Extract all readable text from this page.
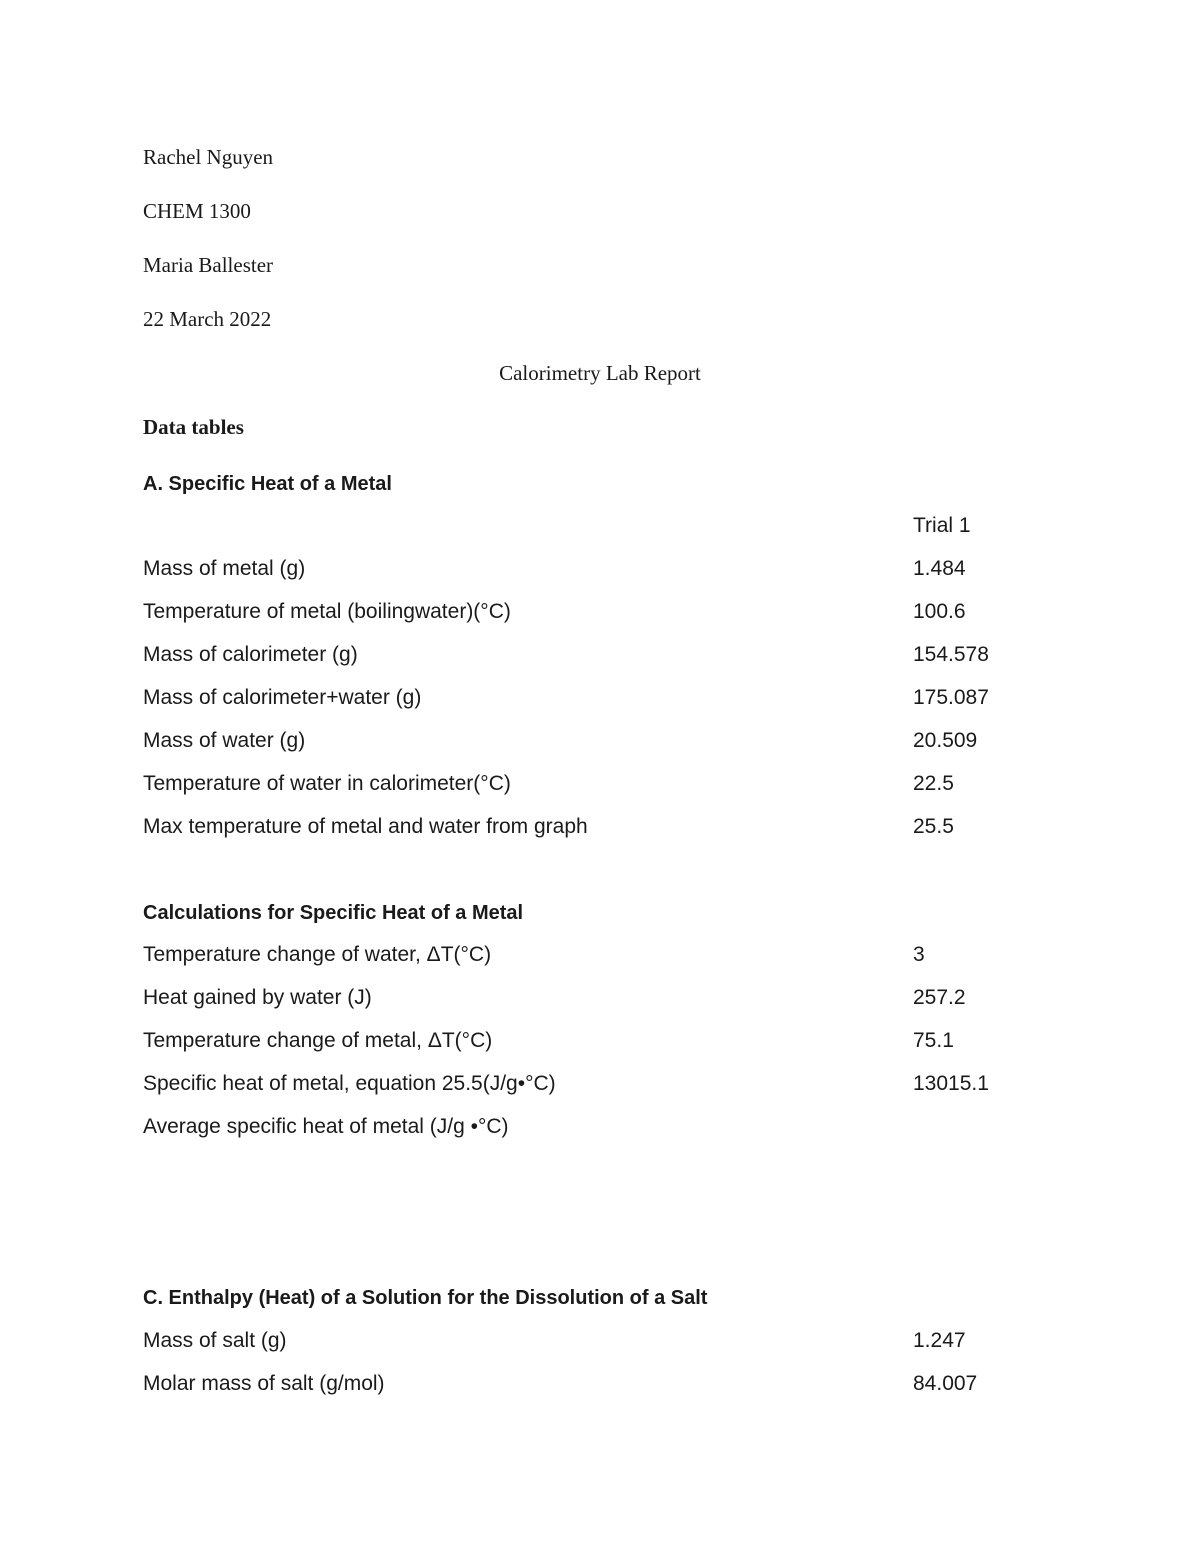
Rachel Nguyen
CHEM 1300
Maria Ballester
22 March 2022
Calorimetry Lab Report
Data tables
A. Specific Heat of a Metal
Trial 1
Mass of metal (g)	1.484
Temperature of metal (boilingwater)(°C)	100.6
Mass of calorimeter (g)	154.578
Mass of calorimeter+water (g)	175.087
Mass of water (g)	20.509
Temperature of water in calorimeter(°C)	22.5
Max temperature of metal and water from graph	25.5
Calculations for Specific Heat of a Metal
Temperature change of water, ΔT(°C)	3
Heat gained by water (J)	257.2
Temperature change of metal, ΔT(°C)	75.1
Specific heat of metal, equation 25.5(J/g•°C)	13015.1
Average specific heat of metal (J/g •°C)
C. Enthalpy (Heat) of a Solution for the Dissolution of a Salt
Mass of salt (g)	1.247
Molar mass of salt (g/mol)	84.007
